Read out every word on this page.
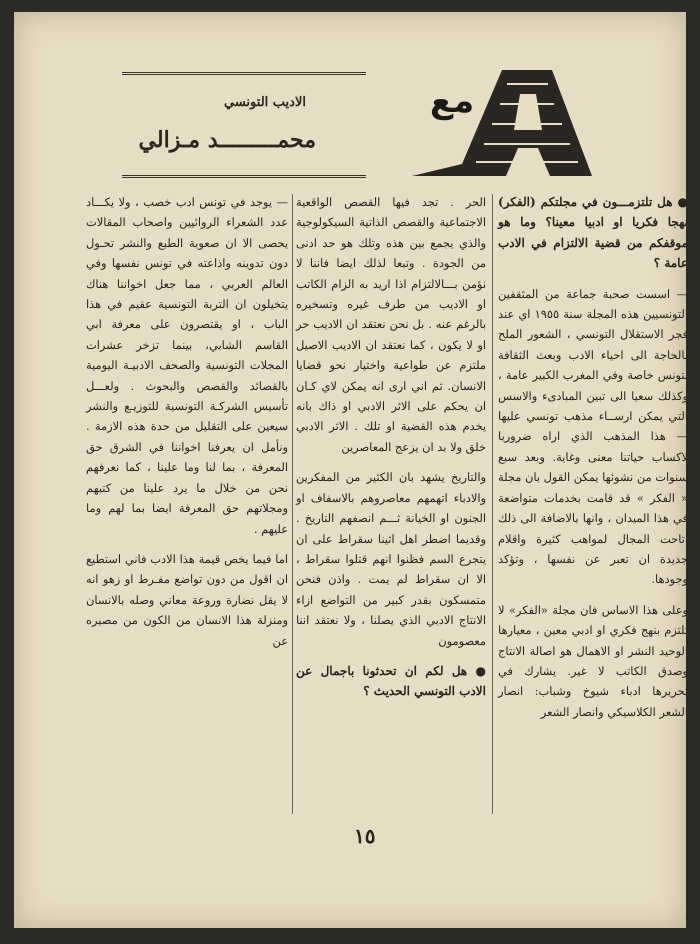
الاديب التونسي
محمـــــــــد مـزالي
مع

● هل تلتزمـــون في مجلتكم (الفكر) نهجا فكريا او ادبيا معينا؟ وما هو موقفكم من قضية الالتزام في الادب عامة ؟

— اسست صحبة جماعة من المثقفين التونسيين هذه المجلة سنة ١٩٥٥ اي عند فجر الاستقلال التونسي ، الشعور الملح بالحاجة الى احياء الادب وبعث الثقافة بتونس خاصة وفي المغرب الكبير عامة ، وكذلك سعيا الى تبين المبادىء والاسس التي يمكن ارســاء مذهب تونسي عليها — هذا المذهب الذي اراه ضروريا لاكساب حياتنا معنى وغاية. وبعد سبع سنوات من نشوئها يمكن القول بان مجلة « الفكر » قد قامت بخدمات متواضعة في هذا الميدان ، وانها بالاضافة الى ذلك اتاحت المجال لمواهب كثيرة واقلام جديدة ان تعبر عن نفسها ، وتؤكد وجودها.

وعلى هذا الاساس فان مجلة «الفكر» لا تلتزم بنهج فكري او ادبي معين ، معيارها الوحيد النشر او الاهمال هو اصالة الانتاج وصدق الكاتب لا غير. يشارك في تحريرها ادباء شيوخ وشباب: انصار الشعر الكلاسيكي وانصار الشعر

الحر . تجد فيها القصص الواقعية الاجتماعية والقصص الذاتية السيكولوجية والذي يجمع بين هذه وتلك هو حد ادنى من الجودة . وتبعا لذلك ايضا فاننا لا نؤمن بـــالالتزام اذا اريد به الزام الكاتب او الاديب من طرف غيره وتسخيره بالرغم عنه . بل نحن نعتقد ان الاديب حر او لا يكون ، كما نعتقد ان الاديب الاصيل ملتزم عن طواعية واختيار نحو قضايا الانسان. ثم اني ارى انه يمكن لاي كـان ان يحكم على الاثر الادبي او ذاك بانه يخدم هذه القضية او تلك . الاثر الادبي خلق ولا بد ان يزعج المعاصرين

والتاريخ يشهد بان الكثير من المفكرين والادباء اتهمهم معاصروهم بالاسفاف او الجنون او الخيانة ثـــم انصفهم التاريخ . وقديما اضطر اهل اثينا سقراط على ان يتجرع السم فظنوا انهم قتلوا سقراط ، الا ان سقراط لم يمت . واذن فنحن متمسكون بقدر كبير من التواضع ازاء الانتاج الادبي الذي يصلنا ، ولا نعتقد اننا معصومون

● هل لكم ان تحدثونا باجمال عن الادب التونسي الحديث ؟

— يوجد في تونس ادب خصب ، ولا يكـــاد عدد الشعراء الروائيين واصحاب المقالات يحصى الا ان صعوبة الطبع والنشر تحـول دون تدوينه واذاعته في تونس نفسها وفي العالم العربي ، مما جعل اخواننا هناك يتخيلون ان التربة التونسية عقيم في هذا الباب ، او يقتصرون على معرفة ابي القاسم الشابي، بينما تزخر عشرات المجلات التونسية والصحف الادبيـة اليومية بالقصائد والقصص والبحوث . ولعـــل تأسيس الشركـة التونسية للتوزيـع والنشر سيعين على التقليل من حدة هذه الازمة . ونأمل ان يعرفنا اخواننا في الشرق حق المعرفة ، بما لنا وما علينا ، كما نعرفهم نحن من خلال ما يرد علينا من كتبهم ومجلاتهم حق المعرفة ايضا بما لهم وما عليهم .

اما فيما يخص قيمة هذا الادب فاني استطيع ان اقول من دون تواضع مفـرط او زهو انه لا يقل نضارة وروعة معاني وصله بالانسان ومنزلة هذا الانسان من الكون من مصيره عن

١٥
